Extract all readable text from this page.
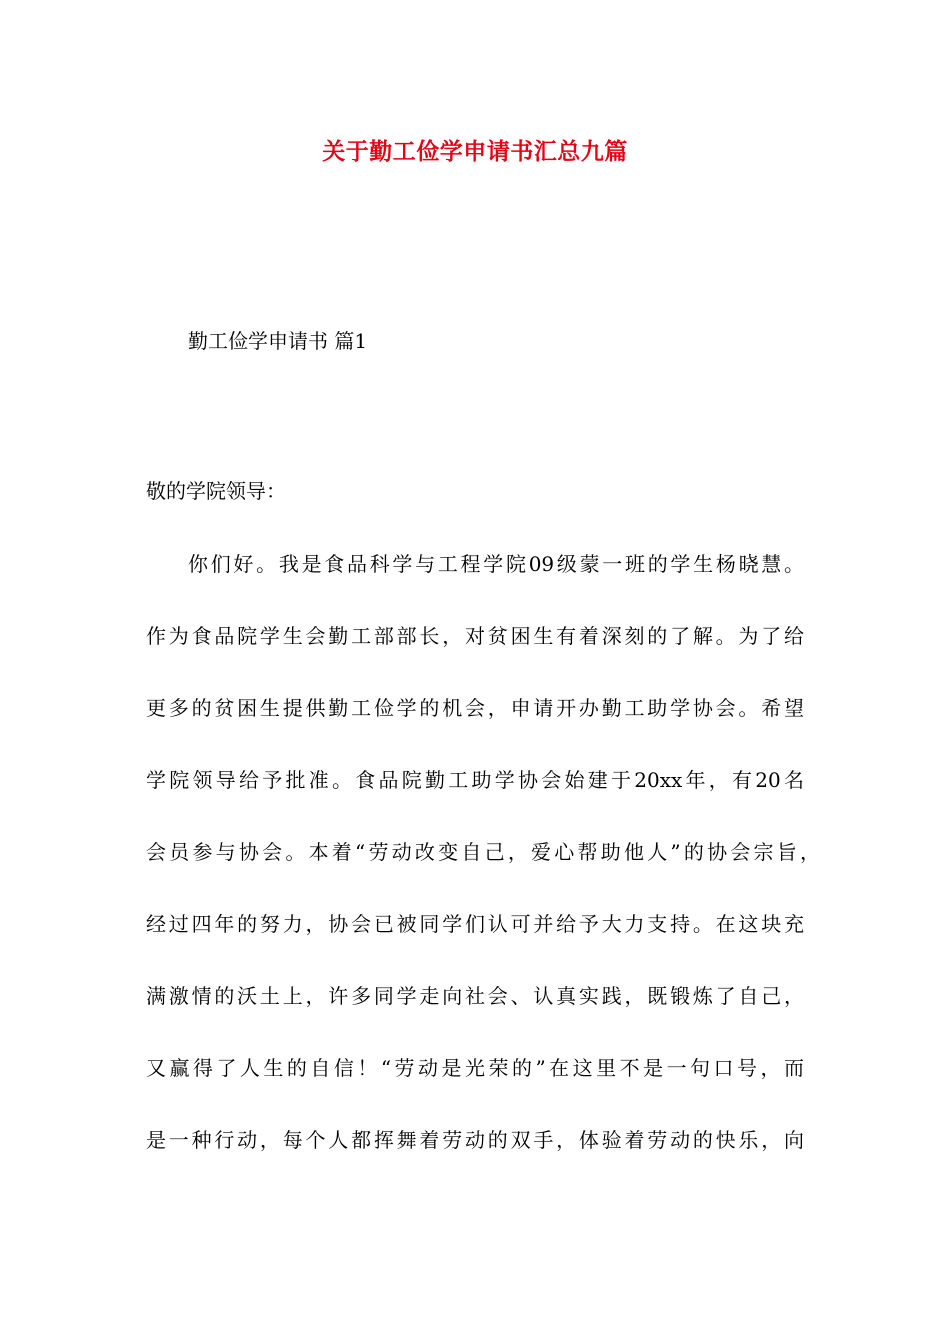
关于勤工俭学申请书汇总九篇
勤工俭学申请书 篇1
敬的学院领导：
你们好。我是食品科学与工程学院09级蒙一班的学生杨晓慧。
作为食品院学生会勤工部部长，对贫困生有着深刻的了解。为了给
更多的贫困生提供勤工俭学的机会，申请开办勤工助学协会。希望
学院领导给予批准。食品院勤工助学协会始建于20xx年，有20名
会员参与协会。本着“劳动改变自己，爱心帮助他人”的协会宗旨，
经过四年的努力，协会已被同学们认可并给予大力支持。在这块充
满激情的沃土上，许多同学走向社会、认真实践，既锻炼了自己，
又赢得了人生的自信！“劳动是光荣的”在这里不是一句口号，而
是一种行动，每个人都挥舞着劳动的双手，体验着劳动的快乐，向
